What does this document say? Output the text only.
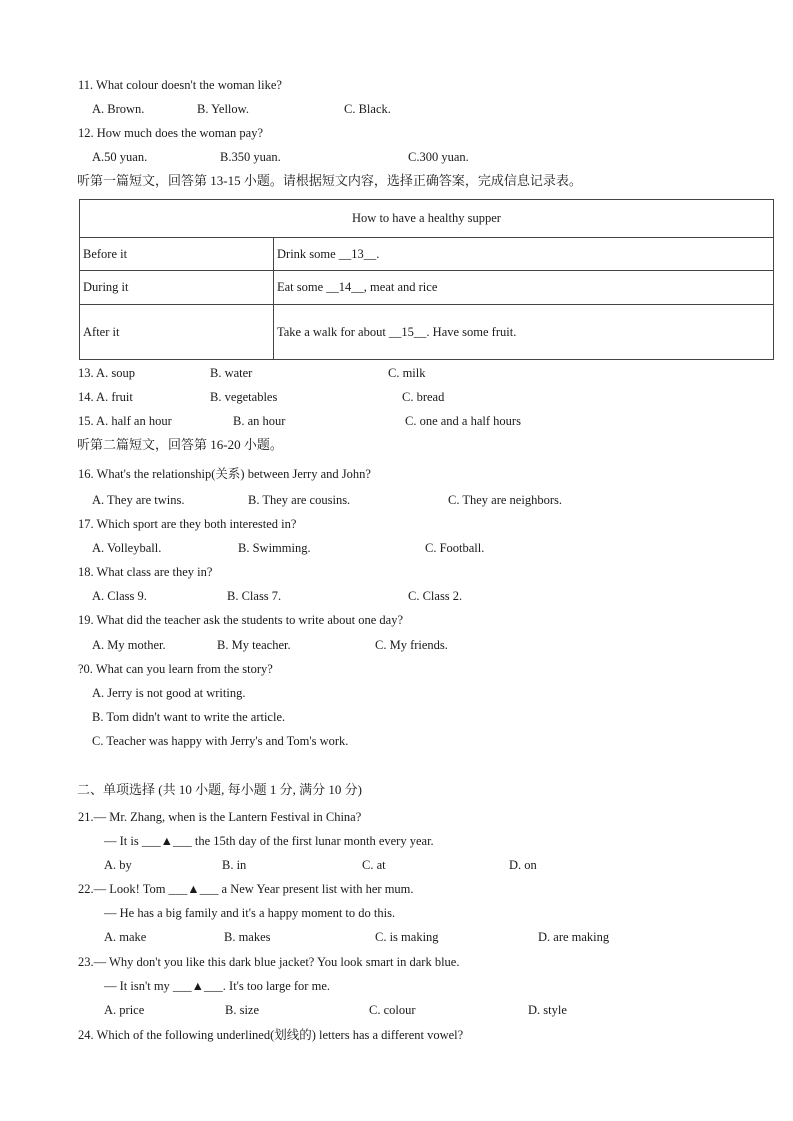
11. What colour doesn't the woman like?
A. Brown.	B. Yellow.	C. Black.
12. How much does the woman pay?
A.50 yuan.	B.350 yuan.	C.300 yuan.
听第一篇短文，回答第 13-15 小题。请根据短文内容，选择正确答案，完成信息记录表。
How to have a healthy supper	
Before it	Drink some __13__.
During it	Eat some __14__, meat and rice
After it	Take a walk for about __15__. Have some fruit.
13. A. soup	B. water	C. milk
14. A. fruit	B. vegetables	C. bread
15. A. half an hour	B. an hour	C. one and a half hours
听第二篇短文，回答第 16-20 小题。
16. What's the relationship(关系) between Jerry and John?
A. They are twins.	B. They are cousins.	C. They are neighbors.
17. Which sport are they both interested in?
A. Volleyball.	B. Swimming.	C. Football.
18. What class are they in?
A. Class 9.	B. Class 7.	C. Class 2.
19. What did the teacher ask the students to write about one day?
A. My mother.	B. My teacher.	C. My friends.
?0. What can you learn from the story?
A. Jerry is not good at writing.
B. Tom didn't want to write the article.
C. Teacher was happy with Jerry's and Tom's work.
二、单项选择 (共 10 小题, 每小题 1 分, 满分 10 分)
21.— Mr. Zhang, when is the Lantern Festival in China?
— It is ___▲___ the 15th day of the first lunar month every year.
A. by	B. in	C. at	D. on
22.— Look! Tom ___▲___ a New Year present list with her mum.
— He has a big family and it's a happy moment to do this.
A. make	B. makes	C. is making	D. are making
23.— Why don't you like this dark blue jacket? You look smart in dark blue.
— It isn't my ___▲___. It's too large for me.
A. price	B. size	C. colour	D. style
24. Which of the following underlined(划线的) letters has a different vowel?
